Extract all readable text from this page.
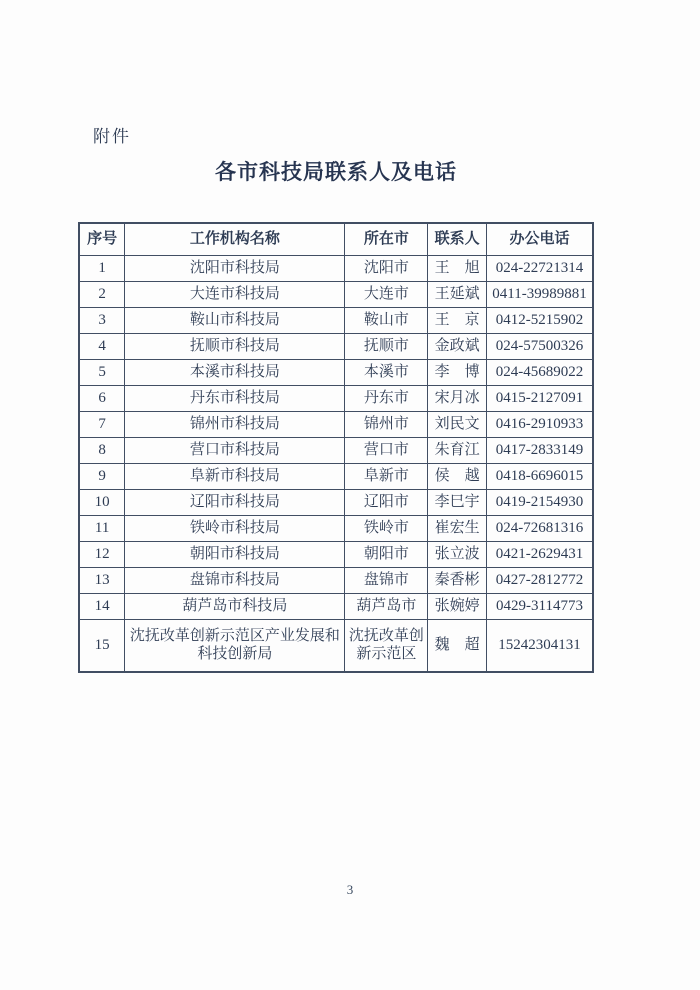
附件
各市科技局联系人及电话
序号	工作机构名称	所在市	联系人	办公电话
1	沈阳市科技局	沈阳市	王　旭	024-22721314
2	大连市科技局	大连市	王延斌	0411-39989881
3	鞍山市科技局	鞍山市	王　京	0412-5215902
4	抚顺市科技局	抚顺市	金政斌	024-57500326
5	本溪市科技局	本溪市	李　博	024-45689022
6	丹东市科技局	丹东市	宋月冰	0415-2127091
7	锦州市科技局	锦州市	刘民文	0416-2910933
8	营口市科技局	营口市	朱育江	0417-2833149
9	阜新市科技局	阜新市	侯　越	0418-6696015
10	辽阳市科技局	辽阳市	李巳宇	0419-2154930
11	铁岭市科技局	铁岭市	崔宏生	024-72681316
12	朝阳市科技局	朝阳市	张立波	0421-2629431
13	盘锦市科技局	盘锦市	秦香彬	0427-2812772
14	葫芦岛市科技局	葫芦岛市	张婉婷	0429-3114773
15	沈抚改革创新示范区产业发展和科技创新局	沈抚改革创新示范区	魏　超	15242304131
3
